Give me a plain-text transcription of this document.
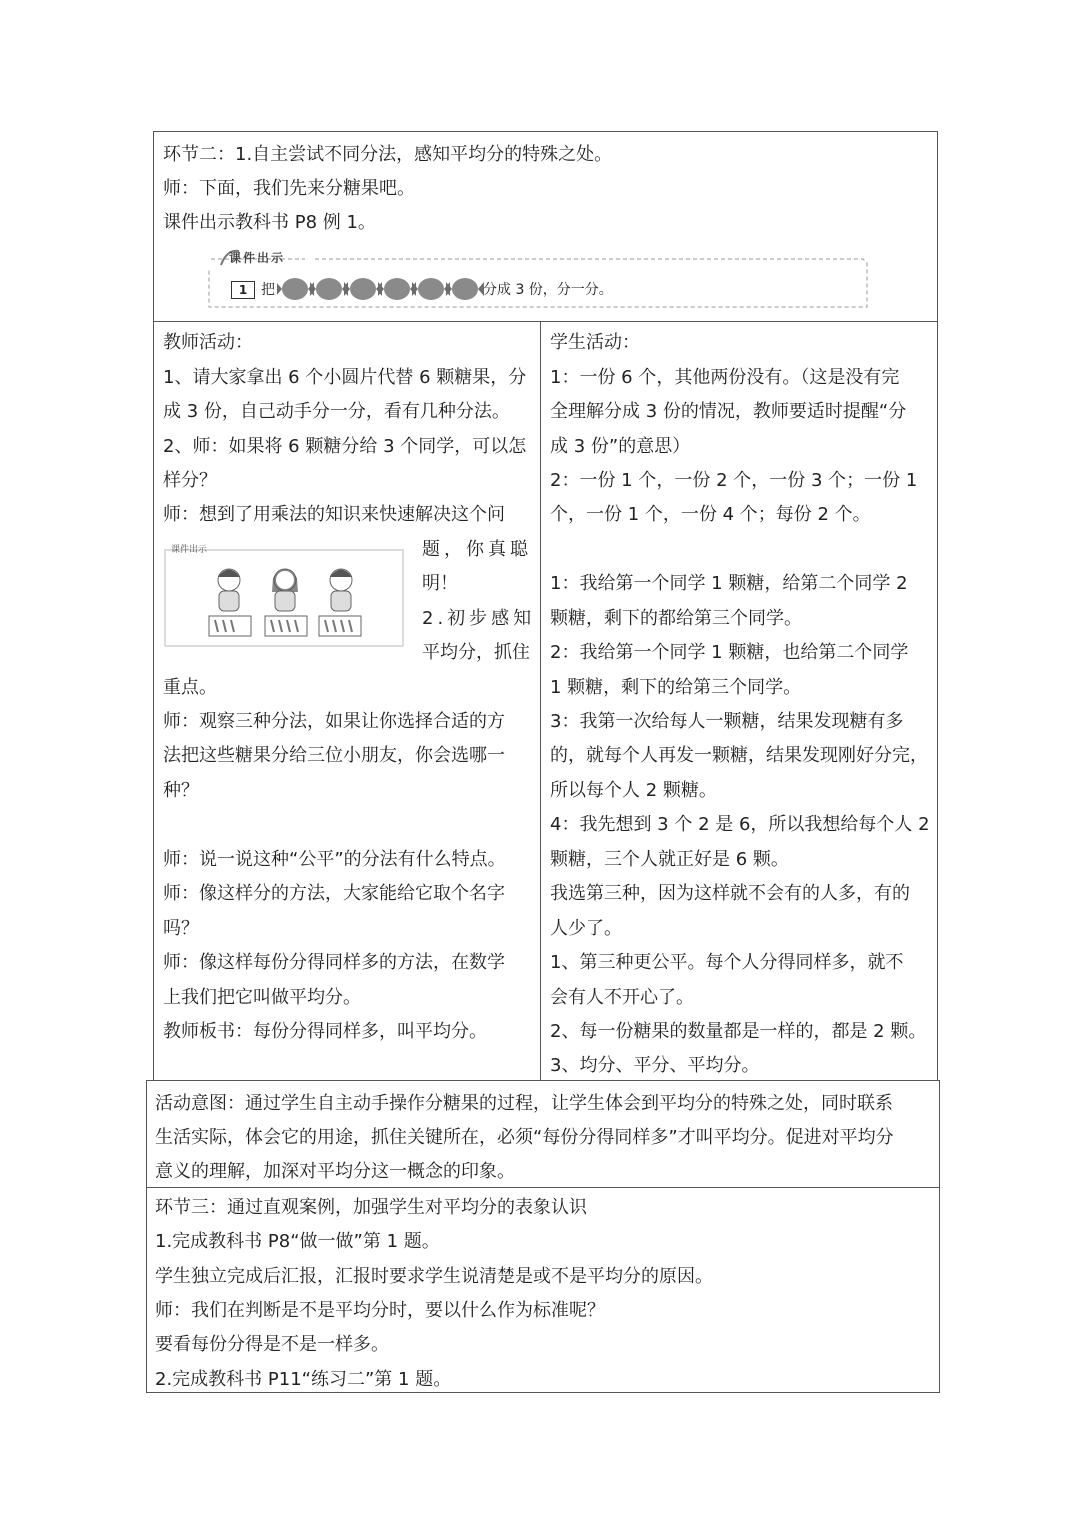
环节二：1.自主尝试不同分法，感知平均分的特殊之处。
师：下面，我们先来分糖果吧。
课件出示教科书 P8 例 1。
课件出示
1 把	分成 3 份，分一分。
教师活动：
1、请大家拿出 6 个小圆片代替 6 颗糖果，分
成 3 份，自己动手分一分，看有几种分法。
2、师：如果将 6 颗糖分给 3 个同学，可以怎
样分？
师：想到了用乘法的知识来快速解决这个问
课件出示	题，你真聪
明！
2.初步感知
平均分，抓住
重点。
师：观察三种分法，如果让你选择合适的方
法把这些糖果分给三位小朋友，你会选哪一
种？
师：说一说这种“公平”的分法有什么特点。
师：像这样分的方法，大家能给它取个名字
吗？
师：像这样每份分得同样多的方法，在数学
上我们把它叫做平均分。
教师板书：每份分得同样多，叫平均分。
学生活动：
1：一份 6 个，其他两份没有。（这是没有完
全理解分成 3 份的情况，教师要适时提醒“分
成 3 份”的意思）
2：一份 1 个，一份 2 个，一份 3 个；一份 1
个，一份 1 个，一份 4 个；每份 2 个。
1：我给第一个同学 1 颗糖，给第二个同学 2
颗糖，剩下的都给第三个同学。
2：我给第一个同学 1 颗糖，也给第二个同学
1 颗糖，剩下的给第三个同学。
3：我第一次给每人一颗糖，结果发现糖有多
的，就每个人再发一颗糖，结果发现刚好分完，
所以每个人 2 颗糖。
4：我先想到 3 个 2 是 6，所以我想给每个人 2
颗糖，三个人就正好是 6 颗。
我选第三种，因为这样就不会有的人多，有的
人少了。
1、第三种更公平。每个人分得同样多，就不
会有人不开心了。
2、每一份糖果的数量都是一样的，都是 2 颗。
3、均分、平分、平均分。
活动意图：通过学生自主动手操作分糖果的过程，让学生体会到平均分的特殊之处，同时联系
生活实际，体会它的用途，抓住关键所在，必须“每份分得同样多”才叫平均分。促进对平均分
意义的理解，加深对平均分这一概念的印象。
环节三：通过直观案例，加强学生对平均分的表象认识
1.完成教科书 P8“做一做”第 1 题。
学生独立完成后汇报，汇报时要求学生说清楚是或不是平均分的原因。
师：我们在判断是不是平均分时，要以什么作为标准呢？
要看每份分得是不是一样多。
2.完成教科书 P11“练习二”第 1 题。
